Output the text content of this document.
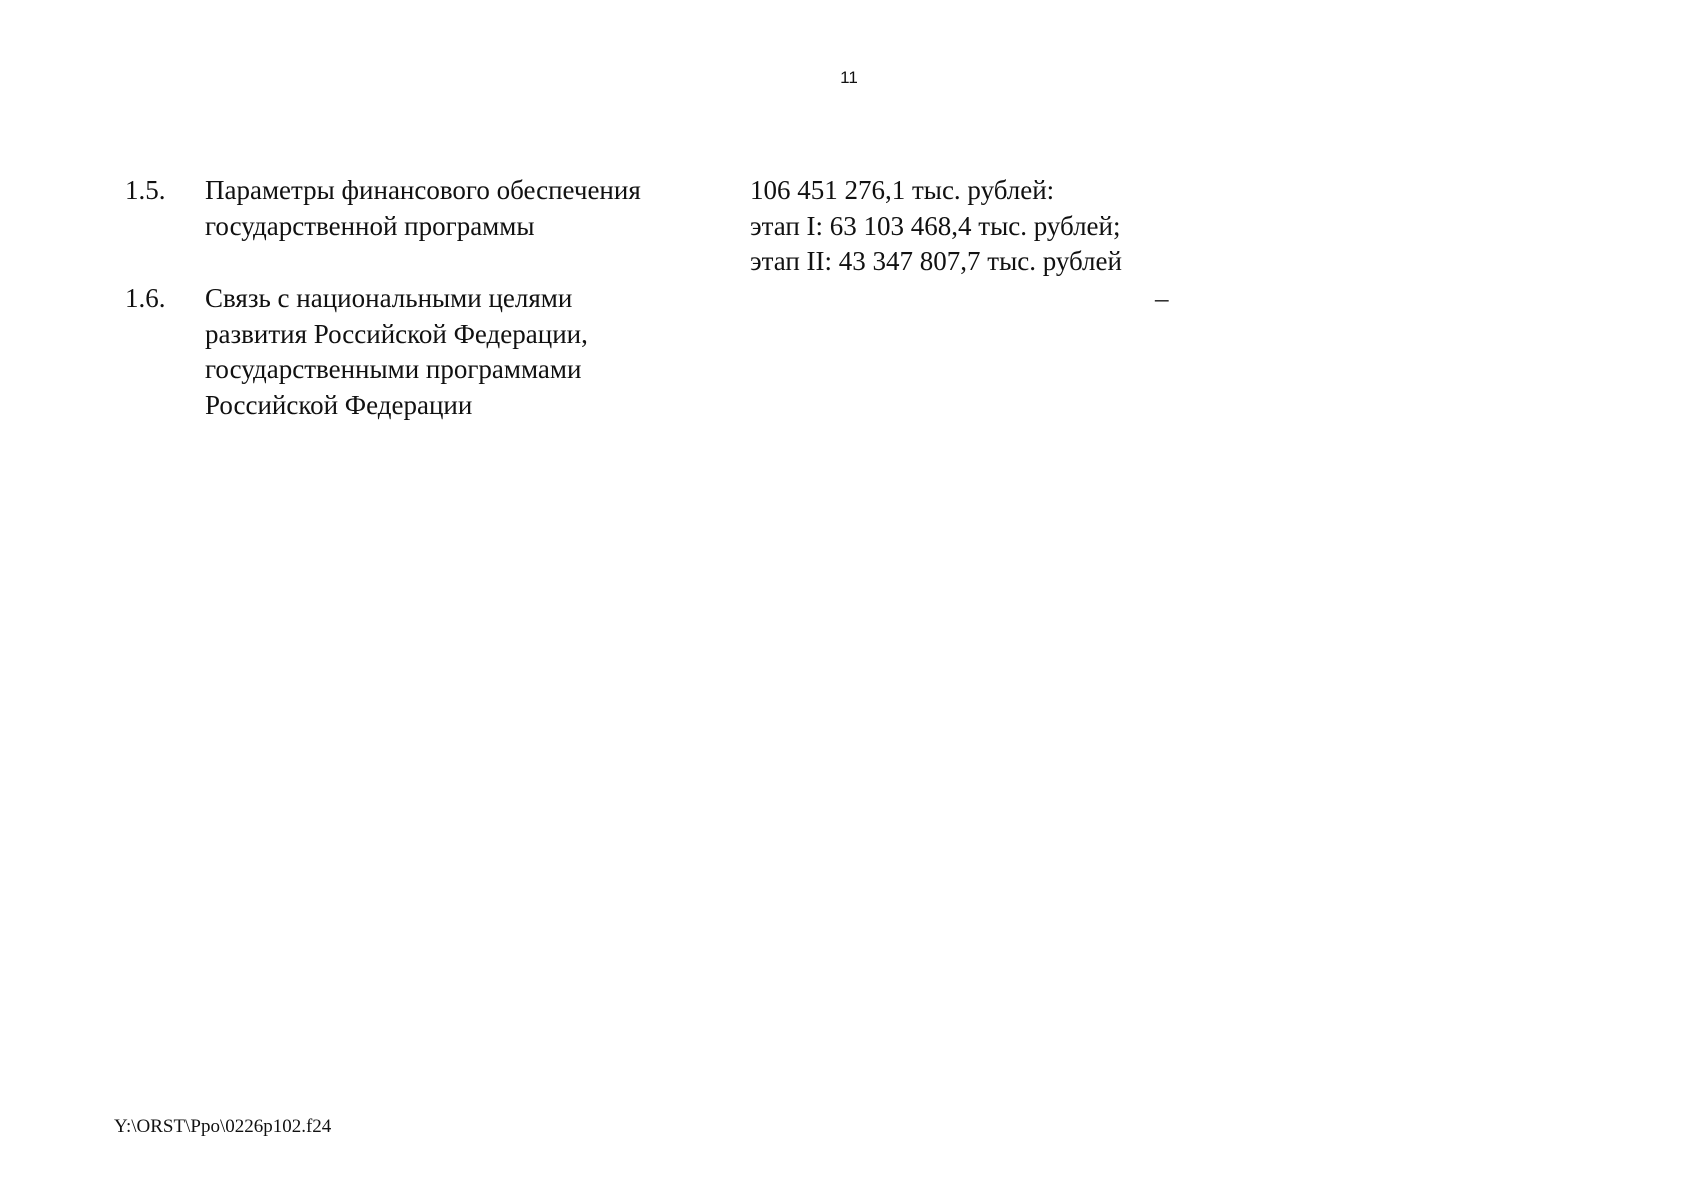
11
1.5.	Параметры финансового обеспечения
государственной программы
106 451 276,1 тыс. рублей:
этап I: 63 103 468,4 тыс. рублей;
этап II: 43 347 807,7 тыс. рублей
1.6.	Связь с национальными целями
развития Российской Федерации,
государственными программами
Российской Федерации
–
Y:\ORST\Ppo\0226p102.f24
